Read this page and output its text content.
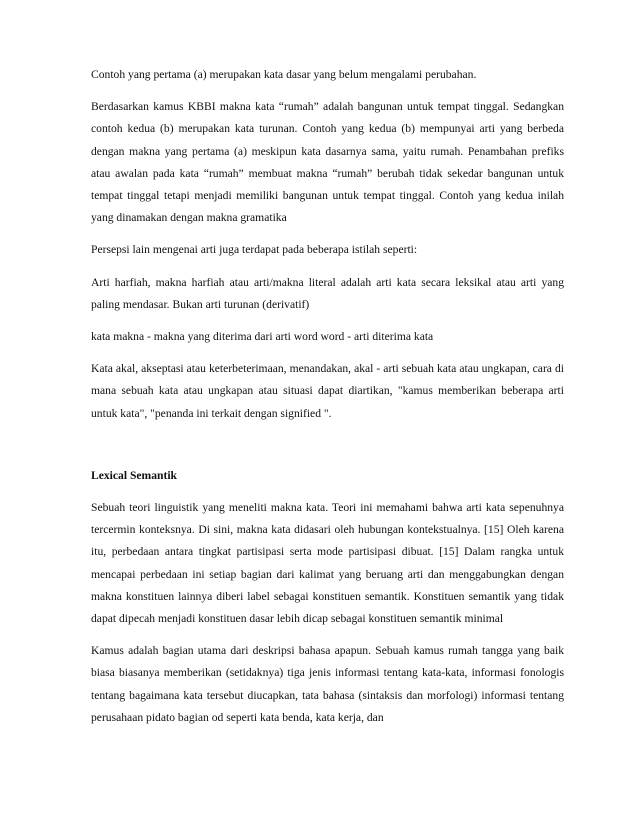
Contoh yang pertama (a) merupakan kata dasar yang belum mengalami perubahan.

Berdasarkan kamus KBBI makna kata “rumah” adalah bangunan untuk tempat tinggal. Sedangkan contoh kedua (b) merupakan kata turunan. Contoh yang kedua (b) mempunyai arti yang berbeda dengan makna yang pertama (a) meskipun kata dasarnya sama, yaitu rumah. Penambahan prefiks atau awalan pada kata “rumah” membuat makna “rumah” berubah tidak sekedar bangunan untuk tempat tinggal tetapi menjadi memiliki bangunan untuk tempat tinggal. Contoh yang kedua inilah yang dinamakan dengan makna gramatika

Persepsi lain mengenai arti juga terdapat pada beberapa istilah seperti:

Arti harfiah, makna harfiah atau arti/makna literal adalah arti kata secara leksikal atau arti yang paling mendasar. Bukan arti turunan (derivatif)

kata makna - makna yang diterima dari arti word word - arti diterima kata

Kata akal, akseptasi atau keterbeterimaan, menandakan, akal - arti sebuah kata atau ungkapan, cara di mana sebuah kata atau ungkapan atau situasi dapat diartikan, "kamus memberikan beberapa arti untuk kata", "penanda ini terkait dengan signified ".

Lexical Semantik

Sebuah teori linguistik yang meneliti makna kata. Teori ini memahami bahwa arti kata sepenuhnya tercermin konteksnya. Di sini, makna kata didasari oleh hubungan kontekstualnya. [15] Oleh karena itu, perbedaan antara tingkat partisipasi serta mode partisipasi dibuat. [15] Dalam rangka untuk mencapai perbedaan ini setiap bagian dari kalimat yang beruang arti dan menggabungkan dengan makna konstituen lainnya diberi label sebagai konstituen semantik. Konstituen semantik yang tidak dapat dipecah menjadi konstituen dasar lebih dicap sebagai konstituen semantik minimal

Kamus adalah bagian utama dari deskripsi bahasa apapun. Sebuah kamus rumah tangga yang baik biasa biasanya memberikan (setidaknya) tiga jenis informasi tentang kata-kata, informasi fonologis tentang bagaimana kata tersebut diucapkan, tata bahasa (sintaksis dan morfologi) informasi tentang perusahaan pidato bagian od seperti kata benda, kata kerja, dan
